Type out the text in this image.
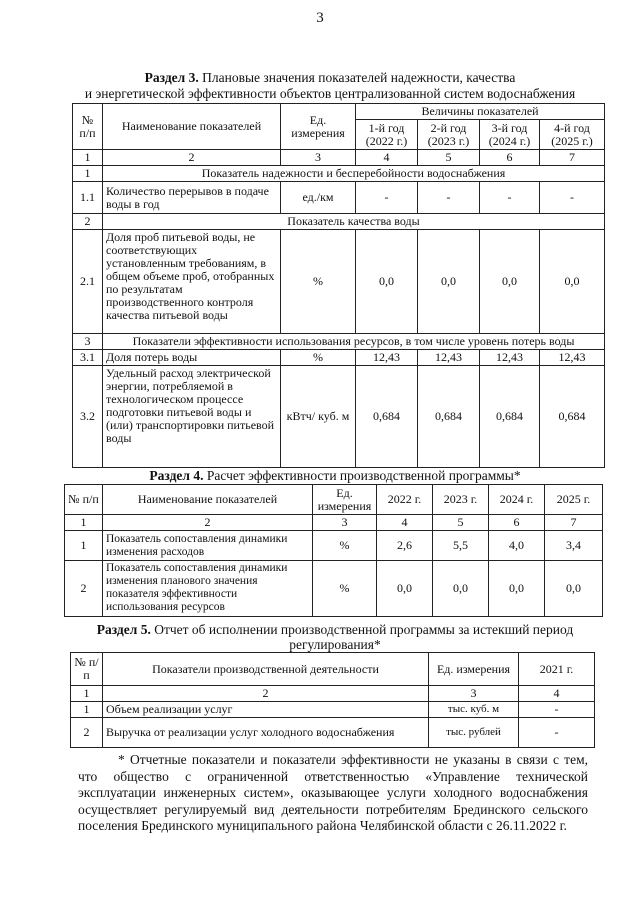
3
Раздел 3. Плановые значения показателей надежности, качества
и энергетической эффективности объектов централизованной систем водоснабжения
№ п/п	Наименование показателей	Ед. измерения	Величины показателей			
			1-й год (2022 г.)	2-й год (2023 г.)	3-й год (2024 г.)	4-й год (2025 г.)
1	2	3	4	5	6	7
1	Показатель надежности и бесперебойности водоснабжения					
1.1	Количество перерывов в подаче воды в год	ед./км	-	-	-	-
2	Показатель качества воды					
2.1	Доля проб питьевой воды, не соответствующих установленным требованиям, в общем объеме проб, отобранных по результатам производственного контроля качества питьевой воды	%	0,0	0,0	0,0	0,0
3	Показатели эффективности использования ресурсов, в том числе уровень потерь воды					
3.1	Доля потерь воды	%	12,43	12,43	12,43	12,43
3.2	Удельный расход электрической энергии, потребляемой в технологическом процессе подготовки питьевой воды и (или) транспортировки питьевой воды	кВтч/ куб. м	0,684	0,684	0,684	0,684
Раздел 4. Расчет эффективности производственной программы*
№ п/п	Наименование показателей	Ед. измерения	2022 г.	2023 г.	2024 г.	2025 г.
1	2	3	4	5	6	7
1	Показатель сопоставления динамики изменения расходов	%	2,6	5,5	4,0	3,4
2	Показатель сопоставления динамики изменения планового значения показателя эффективности использования ресурсов	%	0,0	0,0	0,0	0,0
Раздел 5. Отчет об исполнении производственной программы за истекший период
регулирования*
№ п/п	Показатели производственной деятельности	Ед. измерения	2021 г.
1	2	3	4
1	Объем реализации услуг	тыс. куб. м	-
2	Выручка от реализации услуг холодного водоснабжения	тыс. рублей	-
* Отчетные показатели и показатели эффективности не указаны в связи с тем, что общество с ограниченной ответственностью «Управление технической эксплуатации инженерных систем», оказывающее услуги холодного водоснабжения осуществляет регулируемый вид деятельности потребителям Брединского сельского поселения Брединского муниципального района Челябинской области с 26.11.2022 г.
